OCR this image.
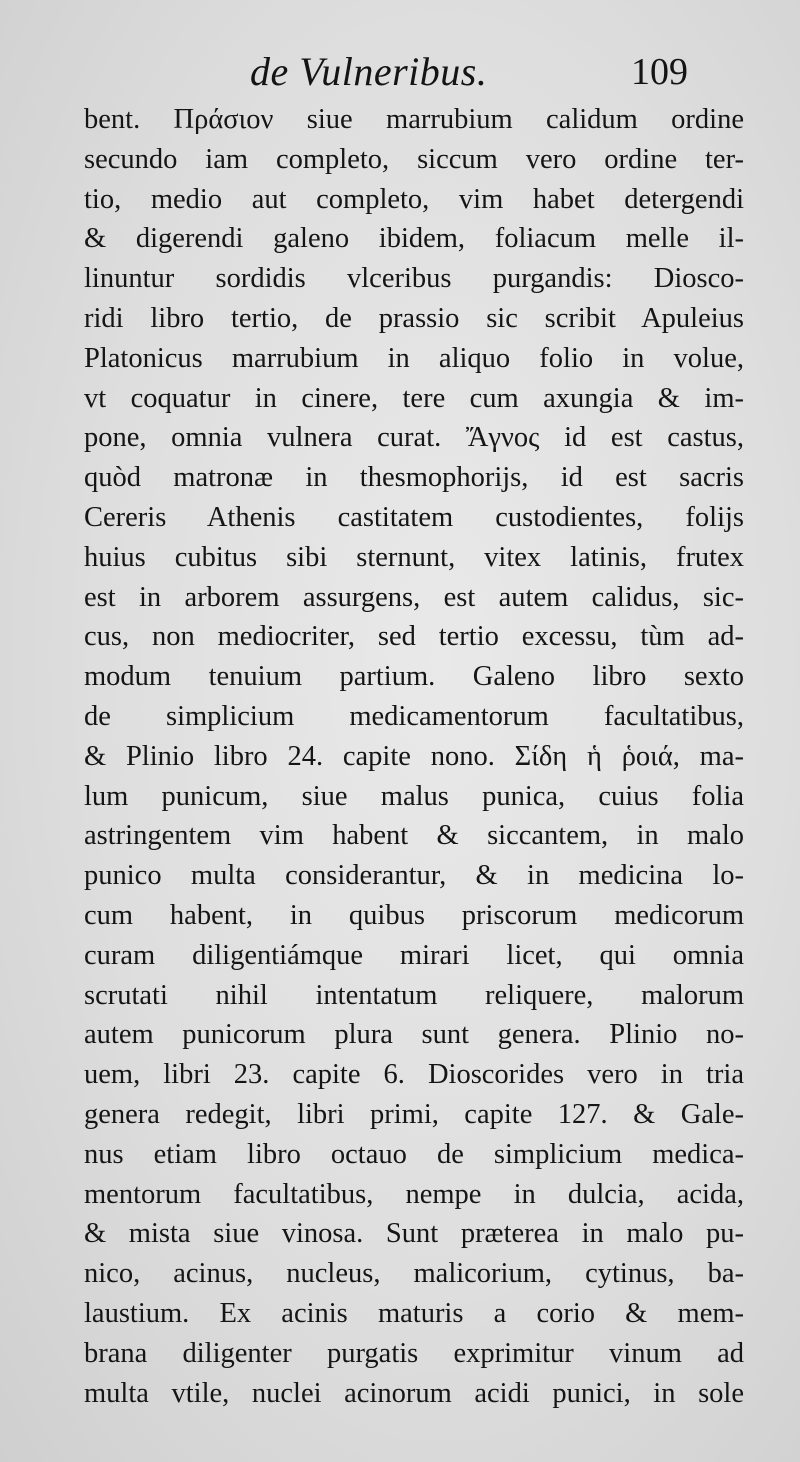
de Vulneribus.	109
bent. Πράσιον siue marrubium calidum ordine
secundo iam completo, siccum vero ordine ter-
tio, medio aut completo, vim habet detergendi
& digerendi galeno ibidem, foliacum melle il-
linuntur sordidis vlceribus purgandis: Diosco-
ridi libro tertio, de prassio sic scribit Apuleius
Platonicus marrubium in aliquo folio in volue,
vt coquatur in cinere, tere cum axungia & im-
pone, omnia vulnera curat. Ἄγνος id est castus,
quòd matronæ in thesmophorijs, id est sacris
Cereris Athenis castitatem custodientes, folijs
huius cubitus sibi sternunt, vitex latinis, frutex
est in arborem assurgens, est autem calidus, sic-
cus, non mediocriter, sed tertio excessu, tùm ad-
modum tenuium partium. Galeno libro sexto
de simplicium medicamentorum facultatibus,
& Plinio libro 24. capite nono. Σίδη ἡ ῥοιά, ma-
lum punicum, siue malus punica, cuius folia
astringentem vim habent & siccantem, in malo
punico multa considerantur, & in medicina lo-
cum habent, in quibus priscorum medicorum
curam diligentiámque mirari licet, qui omnia
scrutati nihil intentatum reliquere, malorum
autem punicorum plura sunt genera. Plinio no-
uem, libri 23. capite 6. Dioscorides vero in tria
genera redegit, libri primi, capite 127. & Gale-
nus etiam libro octauo de simplicium medica-
mentorum facultatibus, nempe in dulcia, acida,
& mista siue vinosa. Sunt præterea in malo pu-
nico, acinus, nucleus, malicorium, cytinus, ba-
laustium. Ex acinis maturis a corio & mem-
brana diligenter purgatis exprimitur vinum ad
multa vtile, nuclei acinorum acidi punici, in sole
